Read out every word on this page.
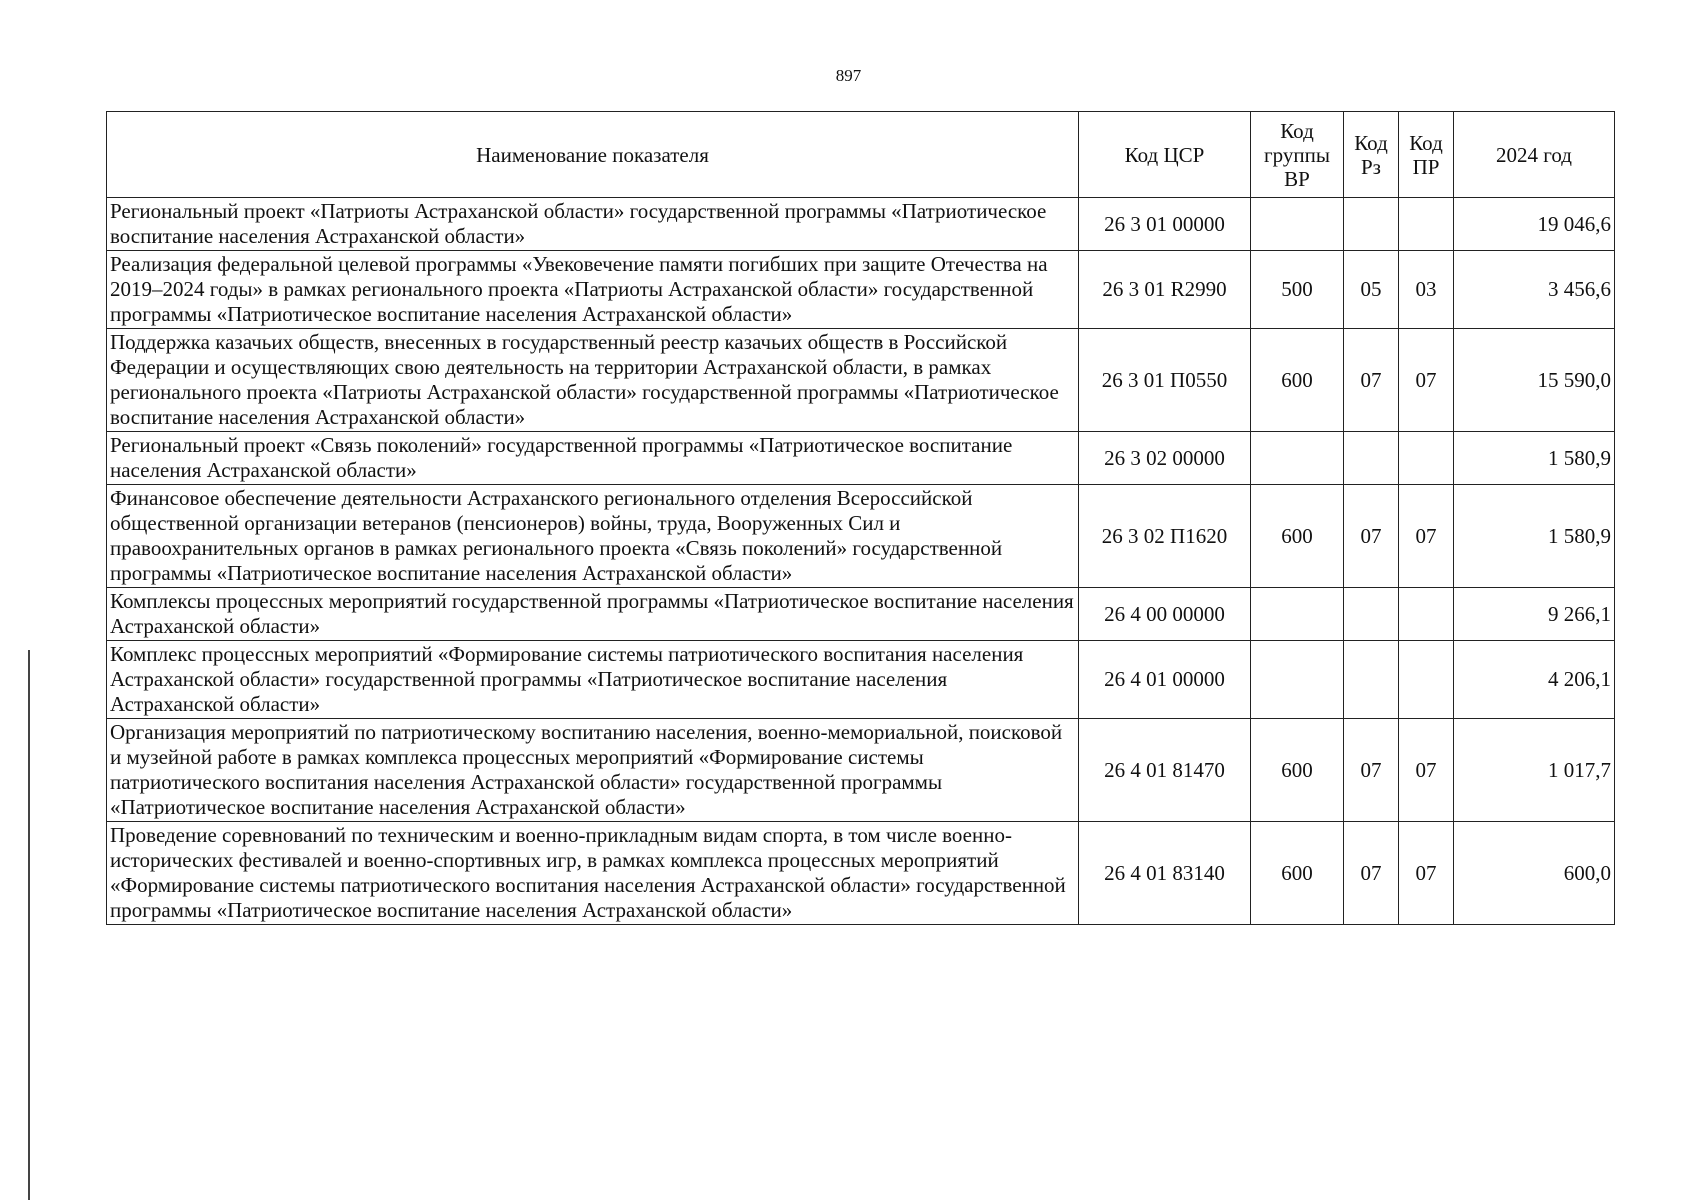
897
Наименование показателя	Код ЦСР	Код группы ВР	Код Рз	Код ПР	2024 год
Региональный проект «Патриоты Астраханской области» государственной программы «Патриотическое воспитание населения Астраханской области»	26 3 01 00000				19 046,6
Реализация федеральной целевой программы «Увековечение памяти погибших при защите Отечества на 2019–2024 годы» в рамках регионального проекта «Патриоты Астраханской области» государственной программы «Патриотическое воспитание населения Астраханской области»	26 3 01 R2990	500	05	03	3 456,6
Поддержка казачьих обществ, внесенных в государственный реестр казачьих обществ в Российской Федерации и осуществляющих свою деятельность на территории Астраханской области, в рамках регионального проекта «Патриоты Астраханской области» государственной программы «Патриотическое воспитание населения Астраханской области»	26 3 01 П0550	600	07	07	15 590,0
Региональный проект «Связь поколений» государственной программы «Патриотическое воспитание населения Астраханской области»	26 3 02 00000				1 580,9
Финансовое обеспечение деятельности Астраханского регионального отделения Всероссийской общественной организации ветеранов (пенсионеров) войны, труда, Вооруженных Сил и правоохранительных органов в рамках регионального проекта «Связь поколений» государственной программы «Патриотическое воспитание населения Астраханской области»	26 3 02 П1620	600	07	07	1 580,9
Комплексы процессных мероприятий государственной программы «Патриотическое воспитание населения Астраханской области»	26 4 00 00000				9 266,1
Комплекс процессных мероприятий «Формирование системы патриотического воспитания населения Астраханской области» государственной программы «Патриотическое воспитание населения Астраханской области»	26 4 01 00000				4 206,1
Организация мероприятий по патриотическому воспитанию населения, военно-мемориальной, поисковой и музейной работе в рамках комплекса процессных мероприятий «Формирование системы патриотического воспитания населения Астраханской области» государственной программы «Патриотическое воспитание населения Астраханской области»	26 4 01 81470	600	07	07	1 017,7
Проведение соревнований по техническим и военно-прикладным видам спорта, в том числе военно-исторических фестивалей и военно-спортивных игр, в рамках комплекса процессных мероприятий «Формирование системы патриотического воспитания населения Астраханской области» государственной программы «Патриотическое воспитание населения Астраханской области»	26 4 01 83140	600	07	07	600,0
